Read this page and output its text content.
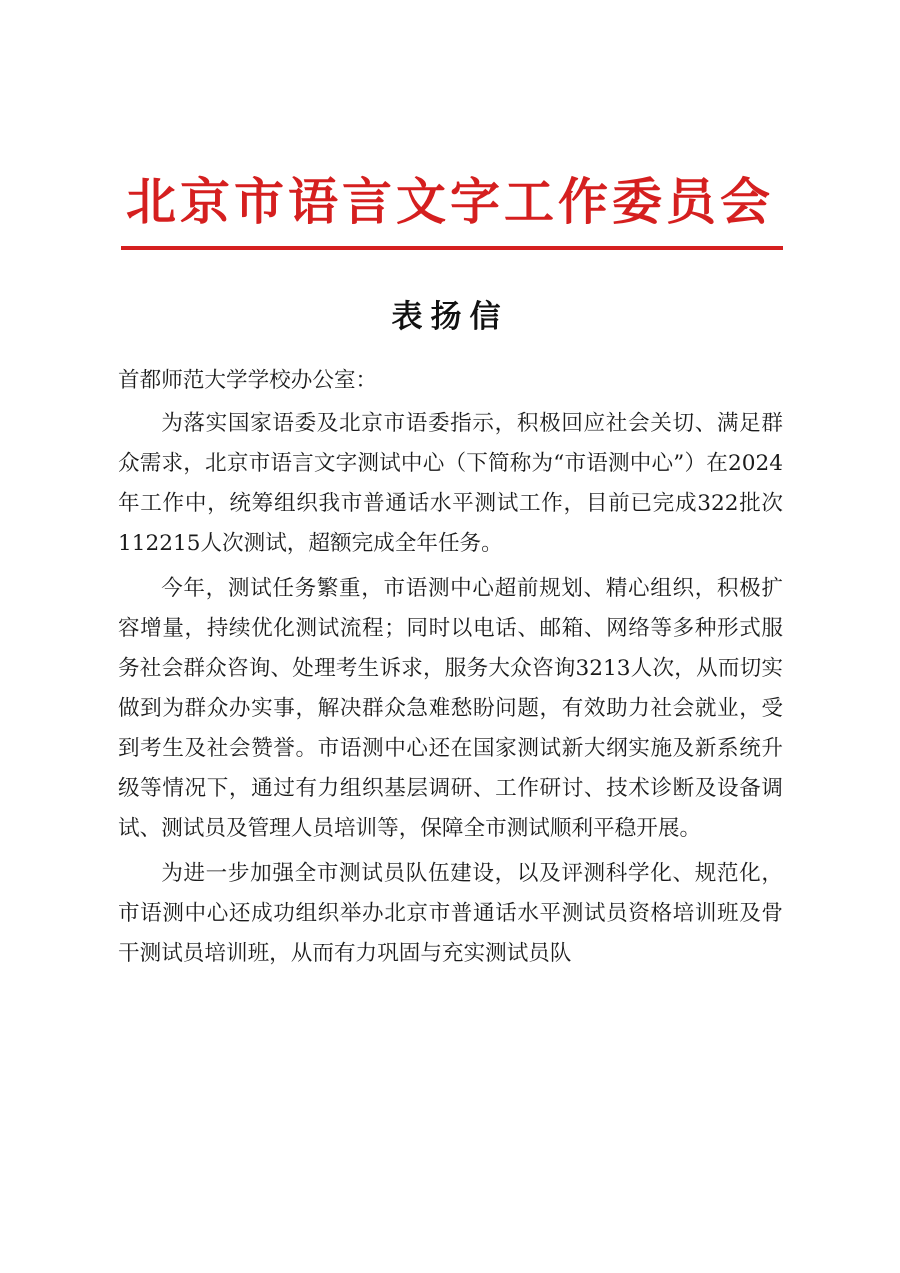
北京市语言文字工作委员会
表扬信

首都师范大学学校办公室：

为落实国家语委及北京市语委指示，积极回应社会关切、满足群众需求，北京市语言文字测试中心（下简称为“市语测中心”）在2024年工作中，统筹组织我市普通话水平测试工作，目前已完成322批次112215人次测试，超额完成全年任务。

今年，测试任务繁重，市语测中心超前规划、精心组织，积极扩容增量，持续优化测试流程；同时以电话、邮箱、网络等多种形式服务社会群众咨询、处理考生诉求，服务大众咨询3213人次，从而切实做到为群众办实事，解决群众急难愁盼问题，有效助力社会就业，受到考生及社会赞誉。市语测中心还在国家测试新大纲实施及新系统升级等情况下，通过有力组织基层调研、工作研讨、技术诊断及设备调试、测试员及管理人员培训等，保障全市测试顺利平稳开展。

为进一步加强全市测试员队伍建设，以及评测科学化、规范化，市语测中心还成功组织举办北京市普通话水平测试员资格培训班及骨干测试员培训班，从而有力巩固与充实测试员队
